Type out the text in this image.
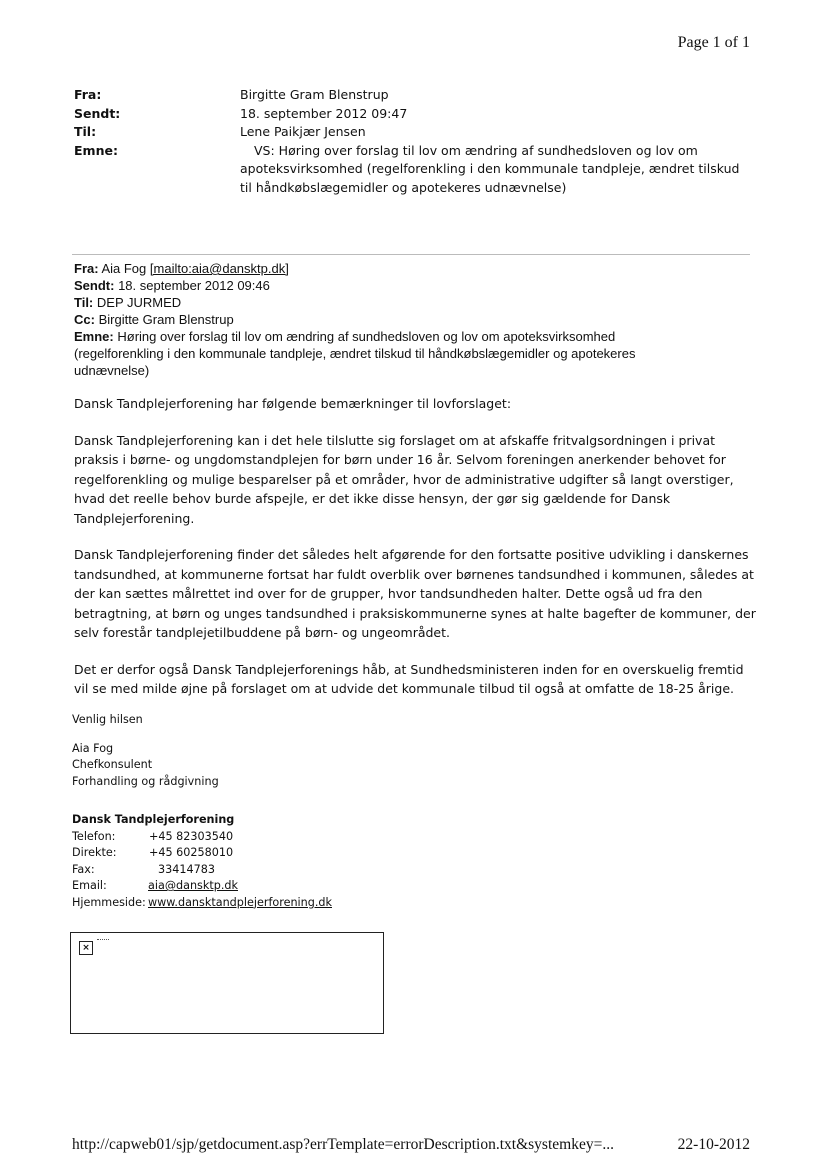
Page 1 of 1
Fra:	Birgitte Gram Blenstrup
Sendt:	18. september 2012 09:47
Til:	Lene Paikjær Jensen
Emne:	VS: Høring over forslag til lov om ændring af sundhedsloven og lov om
apoteksvirksomhed (regelforenkling i den kommunale tandpleje, ændret tilskud
til håndkøbslægemidler og apotekeres udnævnelse)
Fra: Aia Fog [mailto:aia@dansktp.dk]
Sendt: 18. september 2012 09:46
Til: DEP JURMED
Cc: Birgitte Gram Blenstrup
Emne: Høring over forslag til lov om ændring af sundhedsloven og lov om apoteksvirksomhed
(regelforenkling i den kommunale tandpleje, ændret tilskud til håndkøbslægemidler og apotekeres
udnævnelse)

Dansk Tandplejerforening har følgende bemærkninger til lovforslaget:

Dansk Tandplejerforening kan i det hele tilslutte sig forslaget om at afskaffe fritvalgsordningen i privat
praksis i børne- og ungdomstandplejen for børn under 16 år. Selvom foreningen anerkender behovet for
regelforenkling og mulige besparelser på et områder, hvor de administrative udgifter så langt overstiger,
hvad det reelle behov burde afspejle, er det ikke disse hensyn, der gør sig gældende for Dansk
Tandplejerforening.

Dansk Tandplejerforening finder det således helt afgørende for den fortsatte positive udvikling i danskernes
tandsundhed, at kommunerne fortsat har fuldt overblik over børnenes tandsundhed i kommunen, således at
der kan sættes målrettet ind over for de grupper, hvor tandsundheden halter. Dette også ud fra den
betragtning, at børn og unges tandsundhed i praksiskommunerne synes at halte bagefter de kommuner, der
selv forestår tandplejetilbuddene på børn- og ungeområdet.

Det er derfor også Dansk Tandplejerforenings håb, at Sundhedsministeren inden for en overskuelig fremtid
vil se med milde øjne på forslaget om at udvide det kommunale tilbud til også at omfatte de 18-25 årige.

Venlig hilsen

Aia Fog
Chefkonsulent
Forhandling og rådgivning
Dansk Tandplejerforening
Telefon:	+45 82303540
Direkte:	+45 60258010
Fax:	33414783
Email:	aia@dansktp.dk
Hjemmeside: www.dansktandplejerforening.dk
×
http://capweb01/sjp/getdocument.asp?errTemplate=errorDescription.txt&systemkey=...	22-10-2012
